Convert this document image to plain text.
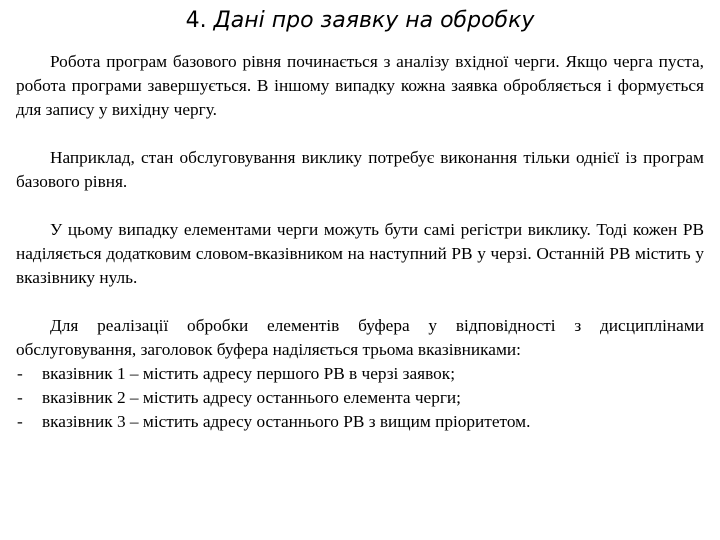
4. Дані про заявку на обробку

Робота програм базового рівня починається з аналізу вхідної черги. Якщо черга пуста, робота програми завершується. В іншому випадку кожна заявка обробляється і формується для запису у вихідну чергу.

Наприклад, стан обслуговування виклику потребує виконання тільки однієї із програм базового рівня.

У цьому випадку елементами черги можуть бути самі регістри виклику. Тоді кожен РВ наділяється додатковим словом-вказівником на наступний РВ у черзі. Останній РВ містить у вказівнику нуль.

Для реалізації обробки елементів буфера у відповідності з дисциплінами обслуговування, заголовок буфера наділяється трьома вказівниками:

- вказівник 1 – містить адресу першого РВ в черзі заявок;
- вказівник 2 – містить адресу останнього елемента черги;
- вказівник 3 – містить адресу останнього РВ з вищим пріоритетом.
